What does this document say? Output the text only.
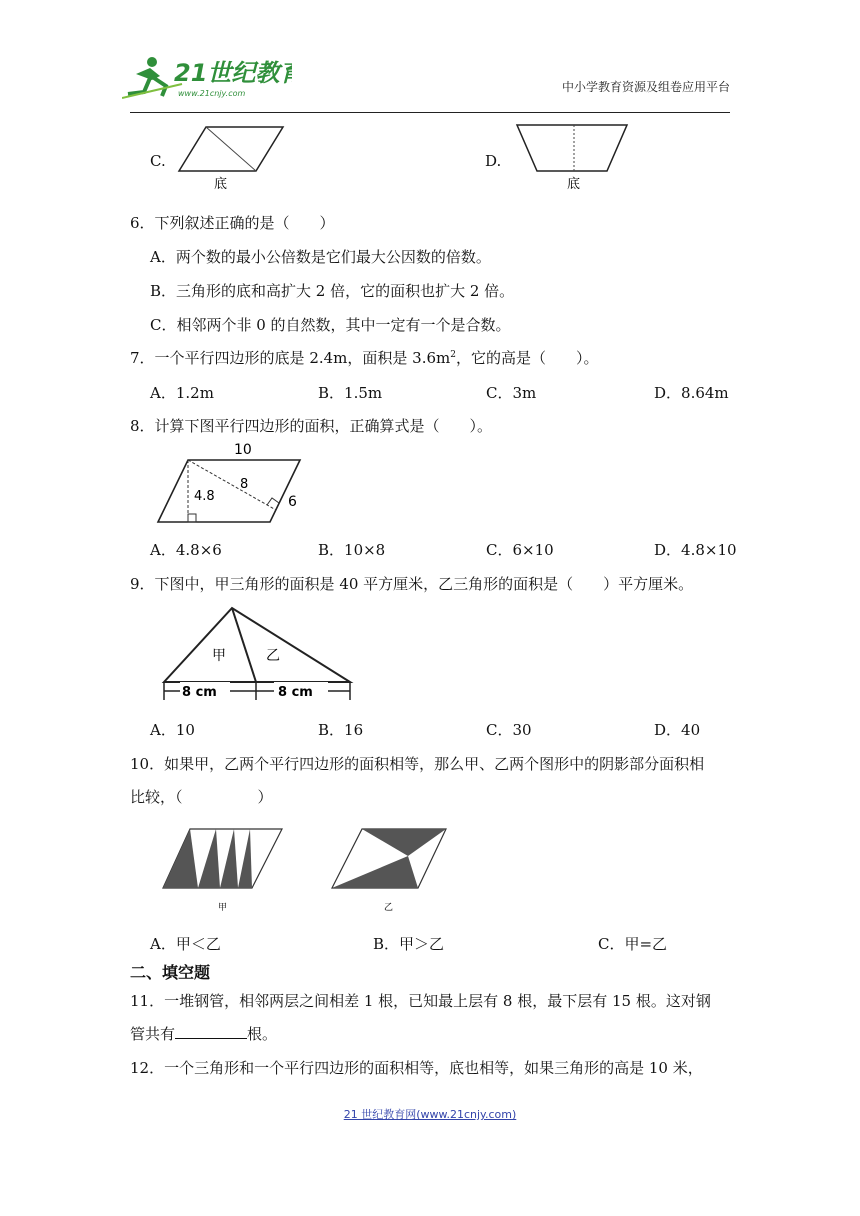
21世纪教育
www.21cnjy.com	中小学教育资源及组卷应用平台
C.
底
D.
底
6．下列叙述正确的是（　　）
A．两个数的最小公倍数是它们最大公因数的倍数。
B．三角形的底和高扩大 2 倍，它的面积也扩大 2 倍。
C．相邻两个非 0 的自然数，其中一定有一个是合数。
7．一个平行四边形的底是 2.4m，面积是 $3.6m^2$，它的高是（　　）。
A．1.2m	B．1.5m	C．3m	D．8.64m
8．计算下图平行四边形的面积，正确算式是（　　）。
10
4.8
8
6
A．4.8×6	B．10×8	C．6×10	D．4.8×10
9．下图中，甲三角形的面积是 40 平方厘米，乙三角形的面积是（　　）平方厘米。
甲	乙
8 cm	8 cm
A．10	B．16	C．30	D．40
10．如果甲，乙两个平行四边形的面积相等，那么甲、乙两个图形中的阴影部分面积相
比较，（　　　　　）
甲	乙
A．甲＜乙	B．甲＞乙	C．甲=乙
二、填空题
11．一堆钢管，相邻两层之间相差 1 根，已知最上层有 8 根，最下层有 15 根。这对钢
管共有	根。
12．一个三角形和一个平行四边形的面积相等，底也相等，如果三角形的高是 10 米，
21 世纪教育网(www.21cnjy.com)
